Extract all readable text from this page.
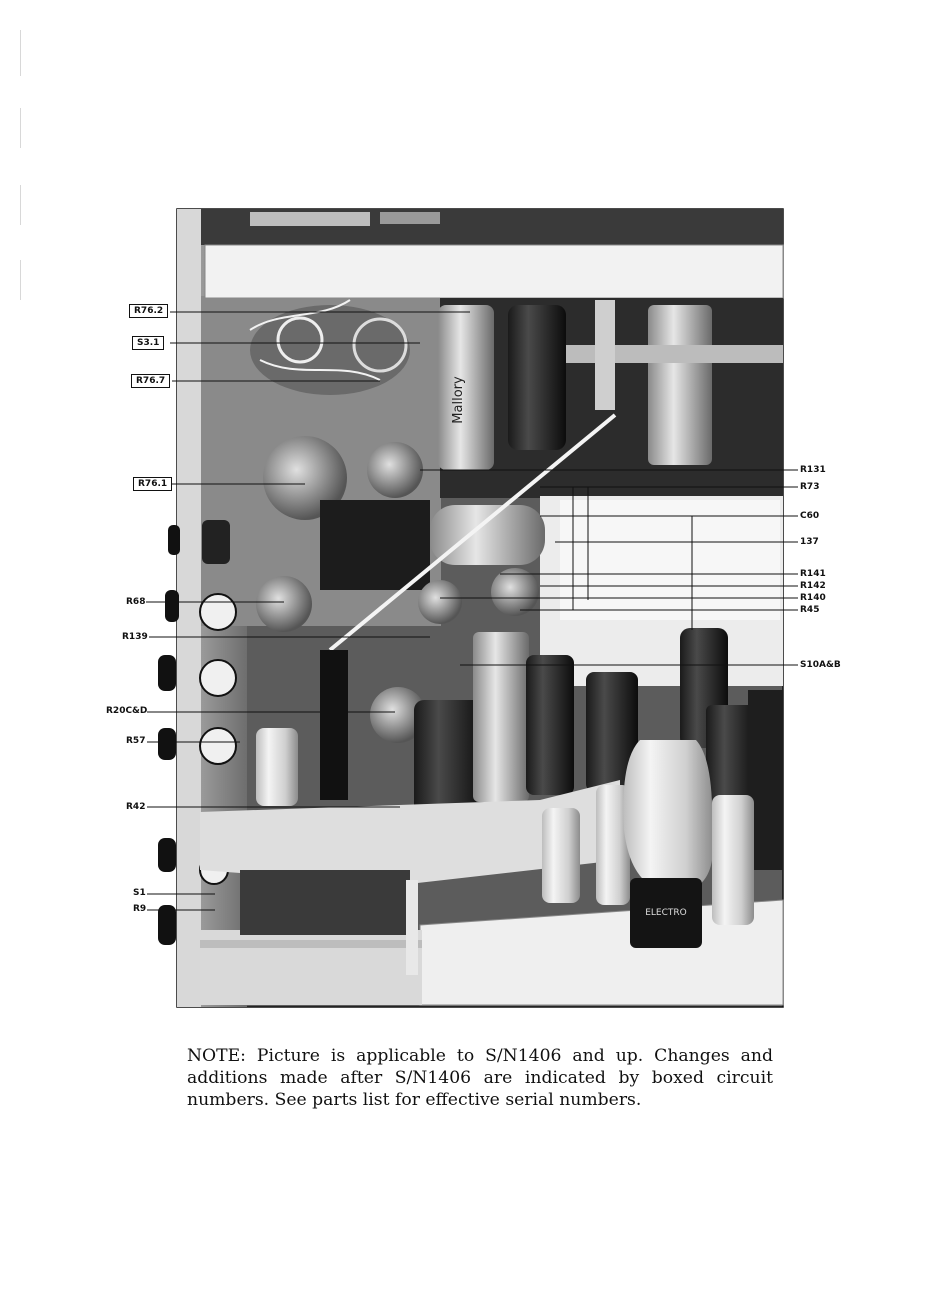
Mallory
ELECTRO
R76.2
S3.1
R76.7
R76.1
R68
R139
R20C&D
R57
R42
S1
R9
R131
R73
C60
137
R141
R142
R140
R45
S10A&B
NOTE: Picture is applicable to S/N1406 and up. Changes and additions made after S/N1406 are indicated by boxed circuit numbers. See parts list for effective serial numbers.
